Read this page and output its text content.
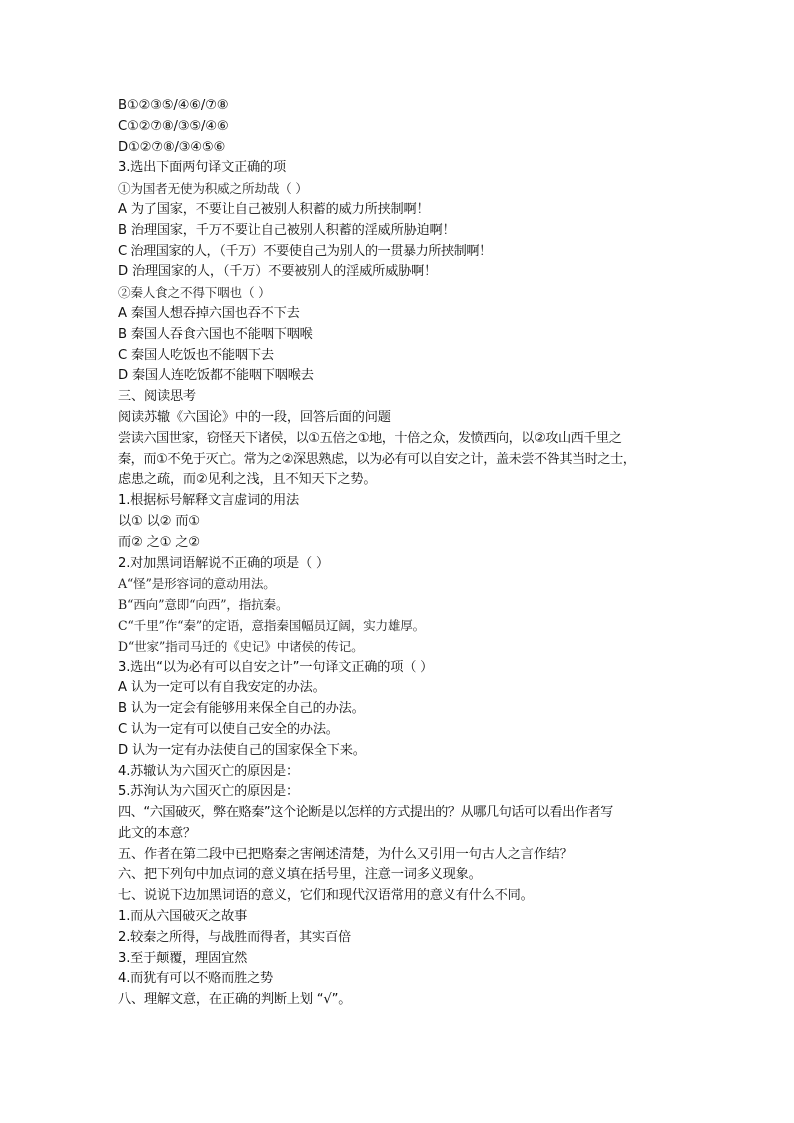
B①②③⑤/④⑥/⑦⑧
C①②⑦⑧/③⑤/④⑥
D①②⑦⑧/③④⑤⑥
3.选出下面两句译文正确的项
①为国者无使为积威之所劫哉（ ）
A 为了国家，不要让自己被别人积蓄的威力所挟制啊！
B 治理国家，千万不要让自己被别人积蓄的淫威所胁迫啊！
C 治理国家的人，（千万）不要使自己为别人的一贯暴力所挟制啊！
D 治理国家的人，（千万）不要被别人的淫威所威胁啊！
②秦人食之不得下咽也（ ）
A 秦国人想吞掉六国也吞不下去
B 秦国人吞食六国也不能咽下咽喉
C 秦国人吃饭也不能咽下去
D 秦国人连吃饭都不能咽下咽喉去
三、阅读思考
阅读苏辙《六国论》中的一段，回答后面的问题
尝读六国世家，窃怪天下诸侯，以①五倍之①地，十倍之众，发愤西向，以②攻山西千里之
秦，而①不免于灭亡。常为之②深思熟虑，以为必有可以自安之计，盖未尝不咎其当时之士，
虑患之疏，而②见利之浅，且不知天下之势。
1.根据标号解释文言虚词的用法
以① 以② 而①
而② 之① 之②
2.对加黑词语解说不正确的项是（ ）
A“怪”是形容词的意动用法。
B“西向”意即“向西”，指抗秦。
C“千里”作“秦”的定语，意指秦国幅员辽阔，实力雄厚。
D“世家”指司马迁的《史记》中诸侯的传记。
3.选出“以为必有可以自安之计”一句译文正确的项（ ）
A 认为一定可以有自我安定的办法。
B 认为一定会有能够用来保全自己的办法。
C 认为一定有可以使自己安全的办法。
D 认为一定有办法使自己的国家保全下来。
4.苏辙认为六国灭亡的原因是：
5.苏洵认为六国灭亡的原因是：
四、“六国破灭，弊在赂秦”这个论断是以怎样的方式提出的？从哪几句话可以看出作者写
此文的本意？
五、作者在第二段中已把赂秦之害阐述清楚，为什么又引用一句古人之言作结？
六、把下列句中加点词的意义填在括号里，注意一词多义现象。
七、说说下边加黑词语的意义，它们和现代汉语常用的意义有什么不同。
1.而从六国破灭之故事
2.较秦之所得，与战胜而得者，其实百倍
3.至于颠覆，理固宜然
4.而犹有可以不赂而胜之势
八、理解文意，在正确的判断上划 “√”。
